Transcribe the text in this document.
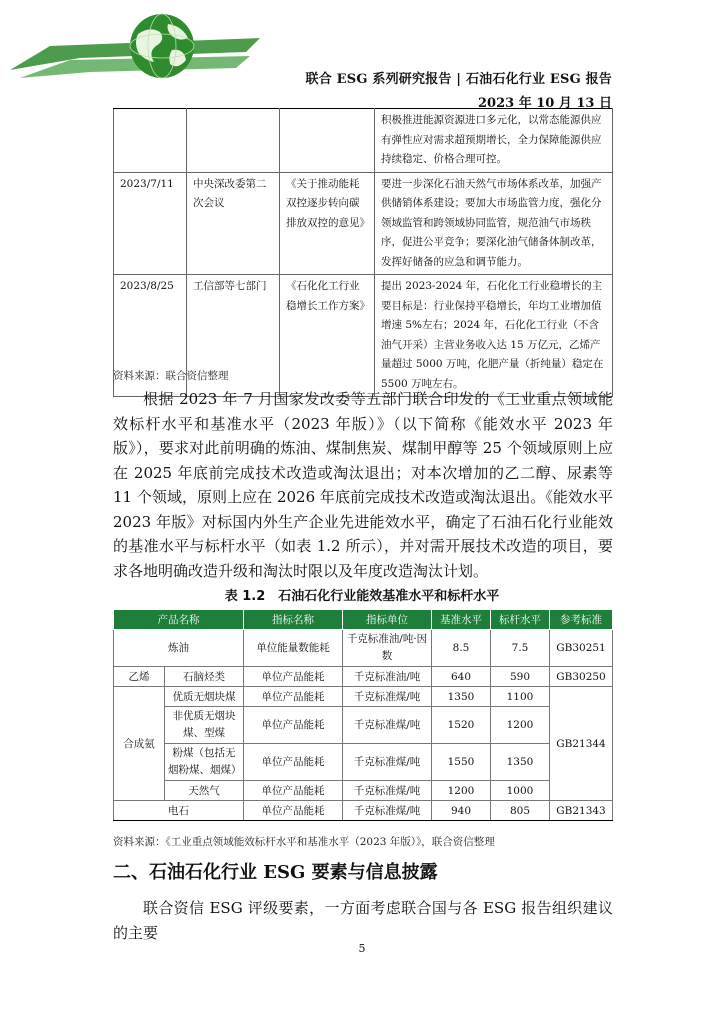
联合 ESG 系列研究报告 | 石油石化行业 ESG 报告
2023 年 10 月 13 日
			积极推进能源资源进口多元化，以常态能源供应有弹性应对需求超预期增长，全力保障能源供应持续稳定、价格合理可控。
2023/7/11	中央深改委第二次会议	《关于推动能耗双控逐步转向碳排放双控的意见》	要进一步深化石油天然气市场体系改革，加强产供储销体系建设；要加大市场监管力度，强化分领域监管和跨领域协同监管，规范油气市场秩序，促进公平竞争；要深化油气储备体制改革，发挥好储备的应急和调节能力。
2023/8/25	工信部等七部门	《石化化工行业稳增长工作方案》	提出 2023-2024 年，石化化工行业稳增长的主要目标是：行业保持平稳增长，年均工业增加值增速 5%左右；2024 年，石化化工行业（不含油气开采）主营业务收入达 15 万亿元，乙烯产量超过 5000 万吨，化肥产量（折纯量）稳定在 5500 万吨左右。
资料来源：联合资信整理

根据 2023 年 7 月国家发改委等五部门联合印发的《工业重点领域能效标杆水平和基准水平（2023 年版）》（以下简称《能效水平 2023 年版》），要求对此前明确的炼油、煤制焦炭、煤制甲醇等 25 个领域原则上应在 2025 年底前完成技术改造或淘汰退出；对本次增加的乙二醇、尿素等 11 个领域，原则上应在 2026 年底前完成技术改造或淘汰退出。《能效水平 2023 年版》对标国内外生产企业先进能效水平，确定了石油石化行业能效的基准水平与标杆水平（如表 1.2 所示），并对需开展技术改造的项目，要求各地明确改造升级和淘汰时限以及年度改造淘汰计划。

表 1.2　石油石化行业能效基准水平和标杆水平
产品名称		指标名称	指标单位	基准水平	标杆水平	参考标准
炼油		单位能量数能耗	千克标准油/吨·因数	8.5	7.5	GB30251
乙烯	石脑烃类	单位产品能耗	千克标准油/吨	640	590	GB30250
合成氨	优质无烟块煤	单位产品能耗	千克标准煤/吨	1350	1100	GB21344
	非优质无烟块煤、型煤	单位产品能耗	千克标准煤/吨	1520	1200	
	粉煤（包括无烟粉煤、烟煤）	单位产品能耗	千克标准煤/吨	1550	1350	
	天然气	单位产品能耗	千克标准煤/吨	1200	1000	
电石		单位产品能耗	千克标准煤/吨	940	805	GB21343
资料来源：《工业重点领域能效标杆水平和基准水平（2023 年版）》，联合资信整理
二、石油石化行业 ESG 要素与信息披露

联合资信 ESG 评级要素，一方面考虑联合国与各 ESG 报告组织建议的主要

5
